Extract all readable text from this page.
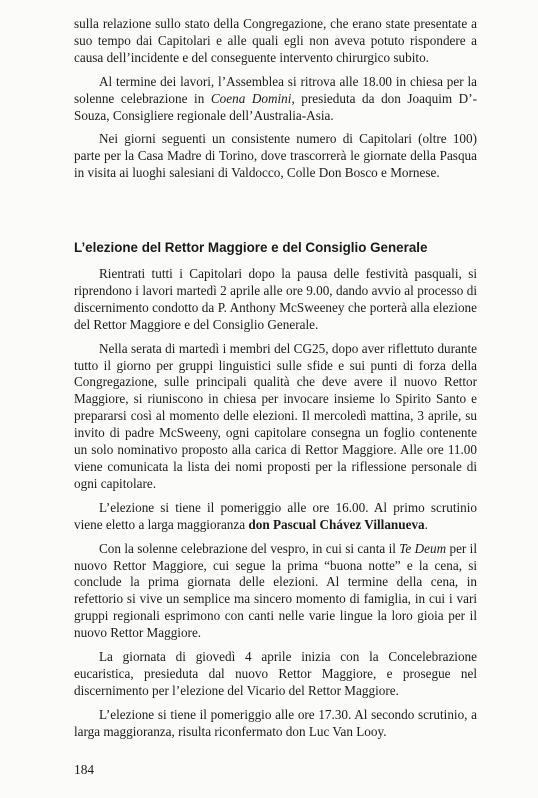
sulla relazione sullo stato della Congregazione, che erano state presentate a suo tempo dai Capitolari e alle quali egli non aveva potuto rispondere a causa dell’incidente e del conseguente intervento chirurgico subito.

Al termine dei lavori, l’Assemblea si ritrova alle 18.00 in chiesa per la solenne celebrazione in Coena Domini, presieduta da don Joaquim D’-Souza, Consigliere regionale dell’Australia-Asia.

Nei giorni seguenti un consistente numero di Capitolari (oltre 100) parte per la Casa Madre di Torino, dove trascorrerà le giornate della Pasqua in visita ai luoghi salesiani di Valdocco, Colle Don Bosco e Mornese.

L’elezione del Rettor Maggiore e del Consiglio Generale

Rientrati tutti i Capitolari dopo la pausa delle festività pasquali, si riprendono i lavori martedì 2 aprile alle ore 9.00, dando avvio al processo di discernimento condotto da P. Anthony McSweeney che porterà alla elezione del Rettor Maggiore e del Consiglio Generale.

Nella serata di martedì i membri del CG25, dopo aver riflettuto durante tutto il giorno per gruppi linguistici sulle sfide e sui punti di forza della Congregazione, sulle principali qualità che deve avere il nuovo Rettor Maggiore, si riuniscono in chiesa per invocare insieme lo Spirito Santo e prepararsi così al momento delle elezioni. Il mercoledì mattina, 3 aprile, su invito di padre McSweeny, ogni capitolare consegna un foglio contenente un solo nominativo proposto alla carica di Rettor Maggiore. Alle ore 11.00 viene comunicata la lista dei nomi proposti per la riflessione personale di ogni capitolare.

L’elezione si tiene il pomeriggio alle ore 16.00. Al primo scrutinio viene eletto a larga maggioranza don Pascual Chávez Villanueva.

Con la solenne celebrazione del vespro, in cui si canta il Te Deum per il nuovo Rettor Maggiore, cui segue la prima “buona notte” e la cena, si conclude la prima giornata delle elezioni. Al termine della cena, in refettorio si vive un semplice ma sincero momento di famiglia, in cui i vari gruppi regionali esprimono con canti nelle varie lingue la loro gioia per il nuovo Rettor Maggiore.

La giornata di giovedì 4 aprile inizia con la Concelebrazione eucaristica, presieduta dal nuovo Rettor Maggiore, e prosegue nel discernimento per l’elezione del Vicario del Rettor Maggiore.

L’elezione si tiene il pomeriggio alle ore 17.30. Al secondo scrutinio, a larga maggioranza, risulta riconfermato don Luc Van Looy.

184
